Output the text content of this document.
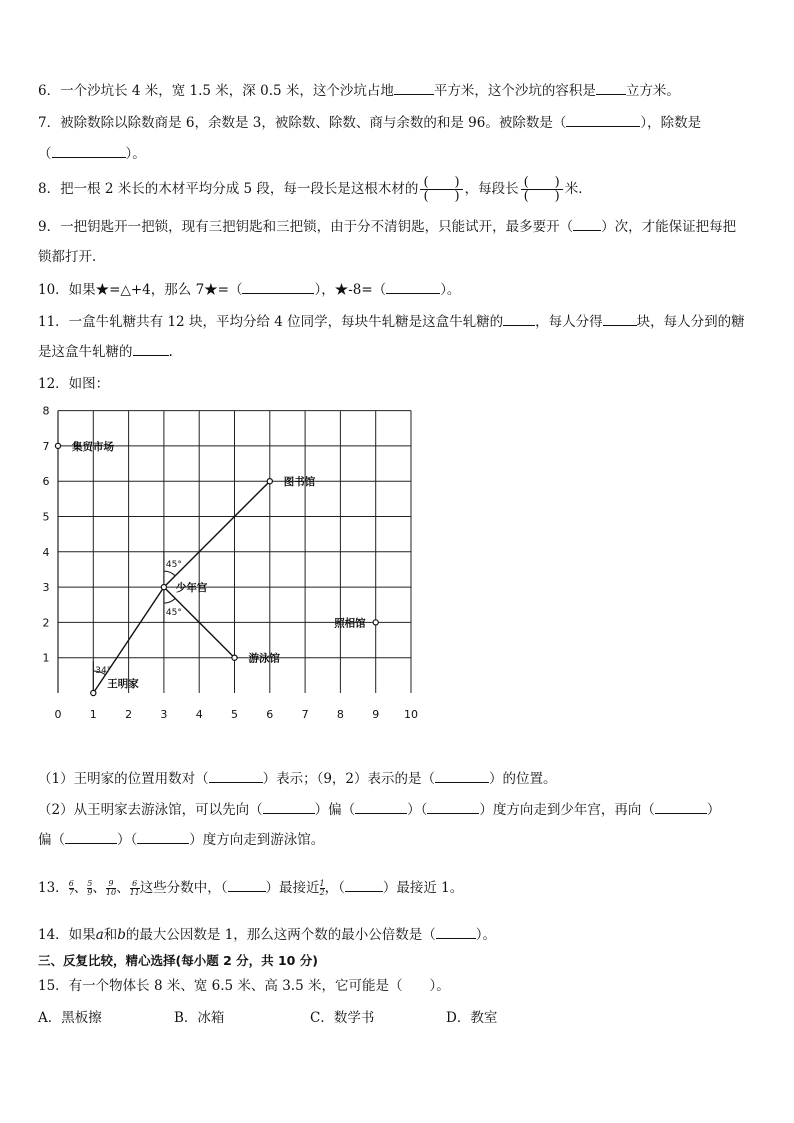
6．一个沙坑长 4 米，宽 1.5 米，深 0.5 米，这个沙坑占地	平方米，这个沙坑的容积是 立方米。
7．被除数除以除数商是 6，余数是 3，被除数、除数、商与余数的和是 96。被除数是（	），除数是
（	）。
8．把一根 2 米长的木材平均分成 5 段，每一段长是这根木材的 $\frac{( )}{( )}$ ，每段长 $\frac{( )}{( )}$ 米．
9．一把钥匙开一把锁，现有三把钥匙和三把锁，由于分不清钥匙，只能试开，最多要开（ ）次，才能保证把每把
锁都打开．
10．如果★=△+4，那么 7★=（	），★-8=（	）。
11．一盒牛轧糖共有 12 块，平均分给 4 位同学，每块牛轧糖是这盒牛轧糖的 ，每人分得	块，每人分到的糖
是这盒牛轧糖的	.
12．如图：
0	1	2	3	4	5	6	7	8	9 10
1
2
3
4
5
6
7
8
34°
45°
45°
王明家
少年宫
图书馆
游泳馆
集贸市场
照相馆
（1）王明家的位置用数对（	）表示；（9，2）表示的是（	）的位置。
（2）从王明家去游泳馆，可以先向（	）偏（	）（	）度方向走到少年宫，再向（	）
偏（	）（	）度方向走到游泳馆。
13． $\frac{6}{7}$ 、 $\frac{5}{9}$ 、 $\frac{9}{10}$ 、 $\frac{6}{11}$ 这些分数中，（	）最接近 $\frac{1}{2}$ ，（	）最接近 1。
14．如果a和b的最大公因数是 1，那么这两个数的最小公倍数是（	）。
三、反复比较，精心选择(每小题 2 分，共 10 分)
15．有一个物体长 8 米、宽 6.5 米、高 3.5 米，它可能是（　　）。
A．黑板擦	B．冰箱	C．数学书	D．教室
